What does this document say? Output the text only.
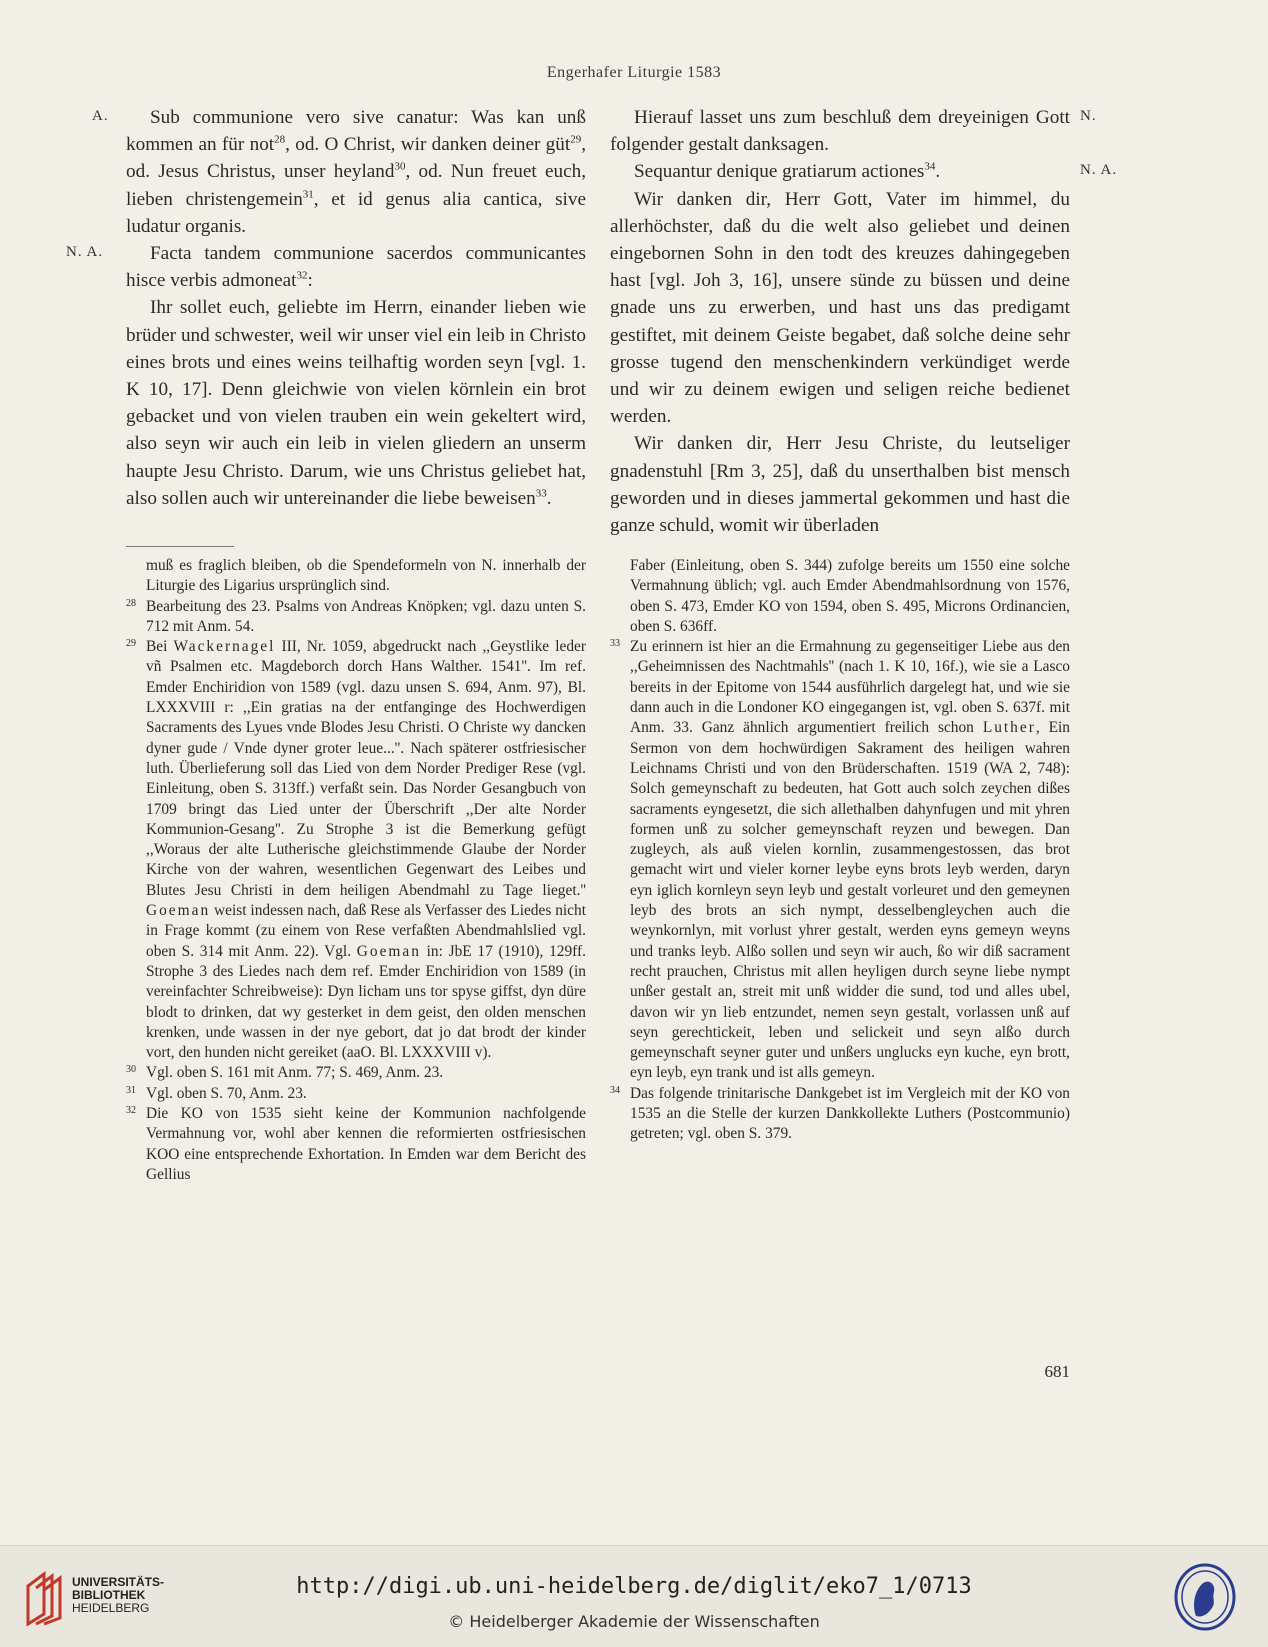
Engerhafer Liturgie 1583
A.
N. A.
N.
N. A.

Sub communione vero sive canatur: Was kan unß kommen an für not$^{28}$, od. O Christ, wir danken deiner güt$^{29}$, od. Jesus Christus, unser heyland$^{30}$, od. Nun freuet euch, lieben christengemein$^{31}$, et id genus alia cantica, sive ludatur organis.

Facta tandem communione sacerdos communicantes hisce verbis admoneat$^{32}$:

Ihr sollet euch, geliebte im Herrn, einander lieben wie brüder und schwester, weil wir unser viel ein leib in Christo eines brots und eines weins teilhaftig worden seyn [vgl. 1. K 10, 17]. Denn gleichwie von vielen körnlein ein brot gebacket und von vielen trauben ein wein gekeltert wird, also seyn wir auch ein leib in vielen gliedern an unserm haupte Jesu Christo. Darum, wie uns Christus geliebet hat, also sollen auch wir untereinander die liebe beweisen$^{33}$.

Hierauf lasset uns zum beschluß dem dreyeinigen Gott folgender gestalt danksagen.

Sequantur denique gratiarum actiones$^{34}$.

Wir danken dir, Herr Gott, Vater im himmel, du allerhöchster, daß du die welt also geliebet und deinen eingebornen Sohn in den todt des kreuzes dahingegeben hast [vgl. Joh 3, 16], unsere sünde zu büssen und deine gnade uns zu erwerben, und hast uns das predigamt gestiftet, mit deinem Geiste begabet, daß solche deine sehr grosse tugend den menschenkindern verkündiget werde und wir zu deinem ewigen und seligen reiche bedienet werden.

Wir danken dir, Herr Jesu Christe, du leutseliger gnadenstuhl [Rm 3, 25], daß du unserthalben bist mensch geworden und in dieses jammertal gekommen und hast die ganze schuld, womit wir überladen

muß es fraglich bleiben, ob die Spendeformeln von N. innerhalb der Liturgie des Ligarius ursprünglich sind.

28 Bearbeitung des 23. Psalms von Andreas Knöpken; vgl. dazu unten S. 712 mit Anm. 54.

29 Bei Wackernagel III, Nr. 1059, abgedruckt nach ,,Geystlike leder vñ Psalmen etc. Magdeborch dorch Hans Walther. 1541''. Im ref. Emder Enchiridion von 1589 (vgl. dazu unsen S. 694, Anm. 97), Bl. LXXXVIII r: ,,Ein gratias na der entfanginge des Hochwerdigen Sacraments des Lyues vnde Blodes Jesu Christi. O Christe wy dancken dyner gude / Vnde dyner groter leue...''. Nach späterer ostfriesischer luth. Überlieferung soll das Lied von dem Norder Prediger Rese (vgl. Einleitung, oben S. 313ff.) verfaßt sein. Das Norder Gesangbuch von 1709 bringt das Lied unter der Überschrift ,,Der alte Norder Kommunion-Gesang''. Zu Strophe 3 ist die Bemerkung gefügt ,,Woraus der alte Lutherische gleichstimmende Glaube der Norder Kirche von der wahren, wesentlichen Gegenwart des Leibes und Blutes Jesu Christi in dem heiligen Abendmahl zu Tage lieget.'' Goeman weist indessen nach, daß Rese als Verfasser des Liedes nicht in Frage kommt (zu einem von Rese verfaßten Abendmahlslied vgl. oben S. 314 mit Anm. 22). Vgl. Goeman in: JbE 17 (1910), 129ff. Strophe 3 des Liedes nach dem ref. Emder Enchiridion von 1589 (in vereinfachter Schreibweise): Dyn licham uns tor spyse giffst, dyn düre blodt to drinken, dat wy gesterket in dem geist, den olden menschen krenken, unde wassen in der nye gebort, dat jo dat brodt der kinder vort, den hunden nicht gereiket (aaO. Bl. LXXXVIII v).

30 Vgl. oben S. 161 mit Anm. 77; S. 469, Anm. 23.

31 Vgl. oben S. 70, Anm. 23.

32 Die KO von 1535 sieht keine der Kommunion nachfolgende Vermahnung vor, wohl aber kennen die reformierten ostfriesischen KOO eine entsprechende Exhortation. In Emden war dem Bericht des Gellius

Faber (Einleitung, oben S. 344) zufolge bereits um 1550 eine solche Vermahnung üblich; vgl. auch Emder Abendmahlsordnung von 1576, oben S. 473, Emder KO von 1594, oben S. 495, Microns Ordinancien, oben S. 636ff.

33 Zu erinnern ist hier an die Ermahnung zu gegenseitiger Liebe aus den ,,Geheimnissen des Nachtmahls'' (nach 1. K 10, 16f.), wie sie a Lasco bereits in der Epitome von 1544 ausführlich dargelegt hat, und wie sie dann auch in die Londoner KO eingegangen ist, vgl. oben S. 637f. mit Anm. 33. Ganz ähnlich argumentiert freilich schon Luther, Ein Sermon von dem hochwürdigen Sakrament des heiligen wahren Leichnams Christi und von den Brüderschaften. 1519 (WA 2, 748): Solch gemeynschaft zu bedeuten, hat Gott auch solch zeychen dißes sacraments eyngesetzt, die sich allethalben dahynfugen und mit yhren formen unß zu solcher gemeynschaft reyzen und bewegen. Dan zugleych, als auß vielen kornlin, zusammengestossen, das brot gemacht wirt und vieler korner leybe eyns brots leyb werden, daryn eyn iglich kornleyn seyn leyb und gestalt vorleuret und den gemeynen leyb des brots an sich nympt, desselbengleychen auch die weynkornlyn, mit vorlust yhrer gestalt, werden eyns gemeyn weyns und tranks leyb. Alßo sollen und seyn wir auch, ßo wir diß sacrament recht prauchen, Christus mit allen heyligen durch seyne liebe nympt unßer gestalt an, streit mit unß widder die sund, tod und alles ubel, davon wir yn lieb entzundet, nemen seyn gestalt, vorlassen unß auf seyn gerechtickeit, leben und selickeit und seyn alßo durch gemeynschaft seyner guter und unßers unglucks eyn kuche, eyn brott, eyn leyb, eyn trank und ist alls gemeyn.

34 Das folgende trinitarische Dankgebet ist im Vergleich mit der KO von 1535 an die Stelle der kurzen Dankkollekte Luthers (Postcommunio) getreten; vgl. oben S. 379.

681
UNIVERSITÄTS-
BIBLIOTHEK
HEIDELBERG
http://digi.ub.uni-heidelberg.de/diglit/eko7_1/0713
© Heidelberger Akademie der Wissenschaften
